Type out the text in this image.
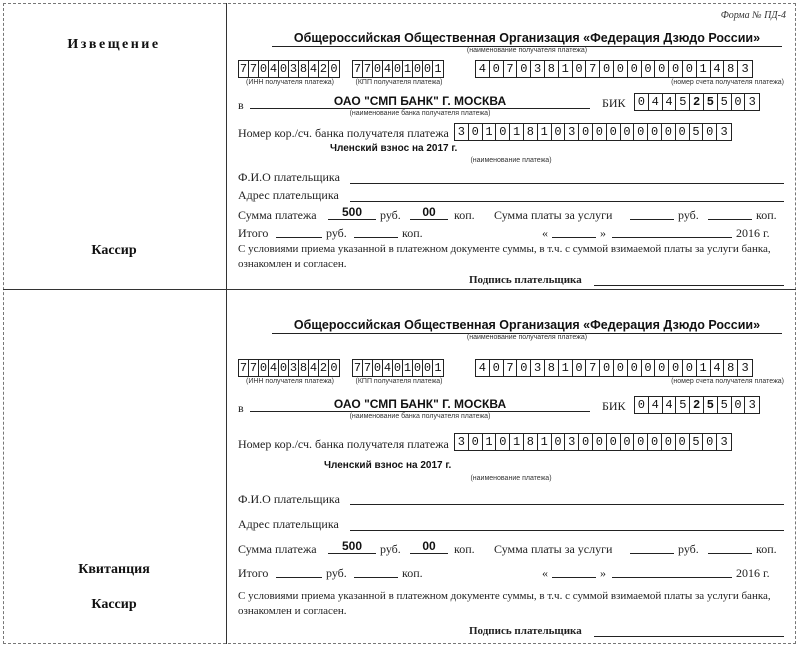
Форма № ПД-4
Извещение
Кассир
Квитанция
Кассир
Общероссийская Общественная Организация «Федерация Дзюдо России»
(наименование получателя платежа)
7 7 0 4 0 3 8 4 2 0
(ИНН получателя платежа)
7 7 0 4 0 1 0 0 1
(КПП получателя платежа)
4 0 7 0 3 8 1 0 7 0 0 0 0 0 0 0 1 4 8 3
(номер счета получателя платежа)
в	ОАО "СМП БАНК" Г. МОСКВА
(наименование банка получателя платежа)
БИК 0 4 4 5 2 5 5 0 3
Номер кор./сч. банка получателя платежа 3 0 1 0 1 8 1 0 3 0 0 0 0 0 0 0 0 5 0 3
Членский взнос на 2017 г.
(наименование платежа)
Ф.И.О плательщика
Адрес плательщика
Сумма платежа	500	руб.	00	коп. Сумма платы за услуги	руб.	коп.
Итого	руб.	коп.	«	»	2016 г.
С условиями приема указанной в платежном документе суммы, в т.ч. с суммой взимаемой платы за услуги банка, ознакомлен и согласен.
Подпись плательщика
Общероссийская Общественная Организация «Федерация Дзюдо России»
(наименование получателя платежа)
7 7 0 4 0 3 8 4 2 0
(ИНН получателя платежа)
7 7 0 4 0 1 0 0 1
(КПП получателя платежа)
4 0 7 0 3 8 1 0 7 0 0 0 0 0 0 0 1 4 8 3
(номер счета получателя платежа)
в	ОАО "СМП БАНК" Г. МОСКВА
(наименование банка получателя платежа)
БИК 0 4 4 5 2 5 5 0 3
Номер кор./сч. банка получателя платежа 3 0 1 0 1 8 1 0 3 0 0 0 0 0 0 0 0 5 0 3
Членский взнос на 2017 г.
(наименование платежа)
Ф.И.О плательщика
Адрес плательщика
Сумма платежа	500	руб.	00	коп. Сумма платы за услуги	руб.	коп.
Итого	руб.	коп.	«	»	2016 г.
С условиями приема указанной в платежном документе суммы, в т.ч. с суммой взимаемой платы за услуги банка, ознакомлен и согласен.
Подпись плательщика
